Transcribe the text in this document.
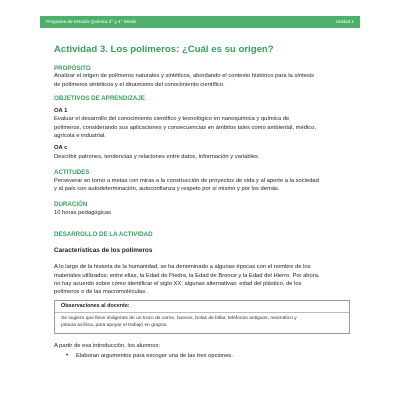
Programa de Estudio Química 3° y 4° Medio	Unidad 1
Actividad 3. Los polímeros: ¿Cuál es su origen?
PROPÓSITO
Analizar el origen de polímeros naturales y sintéticos, abordando el contexto histórico para la síntesis
de polímeros sintéticos y el dinamismo del conocimiento científico.
OBJETIVOS DE APRENDIZAJE
OA 1
Evaluar el desarrollo del conocimiento científico y tecnológico en nanoquímica y química de
polímeros, considerando sus aplicaciones y consecuencias en ámbitos tales como ambiental, médico,
agrícola e industrial.
OA c
Describir patrones, tendencias y relaciones entre datos, información y variables.
ACTITUDES
Perseverar en torno a metas con miras a la construcción de proyectos de vida y al aporte a la sociedad
y al país con autodeterminación, autoconfianza y respeto por sí mismo y por los demás.
DURACIÓN
10 horas pedagógicas
DESARROLLO DE LA ACTIVIDAD
Características de los polímeros
A lo largo de la historia de la humanidad, se ha denominado a algunas épocas con el nombre de los
materiales utilizados; entre ellas, la Edad de Piedra, la Edad de Bronce y la Edad del Hierro. Por ahora,
no hay acuerdo sobre cómo identificar el siglo XX; algunas alternativas: edad del plástico, de los
polímeros o de las macromoléculas.
Observaciones al docente:
Se sugiere que lleve imágenes de un trozo de carne, huevos, bolas de billar, teléfonos antiguos, neumático y
pintura acrílica, para apoyar el trabajo en grupos.
A partir de esa introducción, los alumnos:
•	Elaboran argumentos para escoger una de las tres opciones.
